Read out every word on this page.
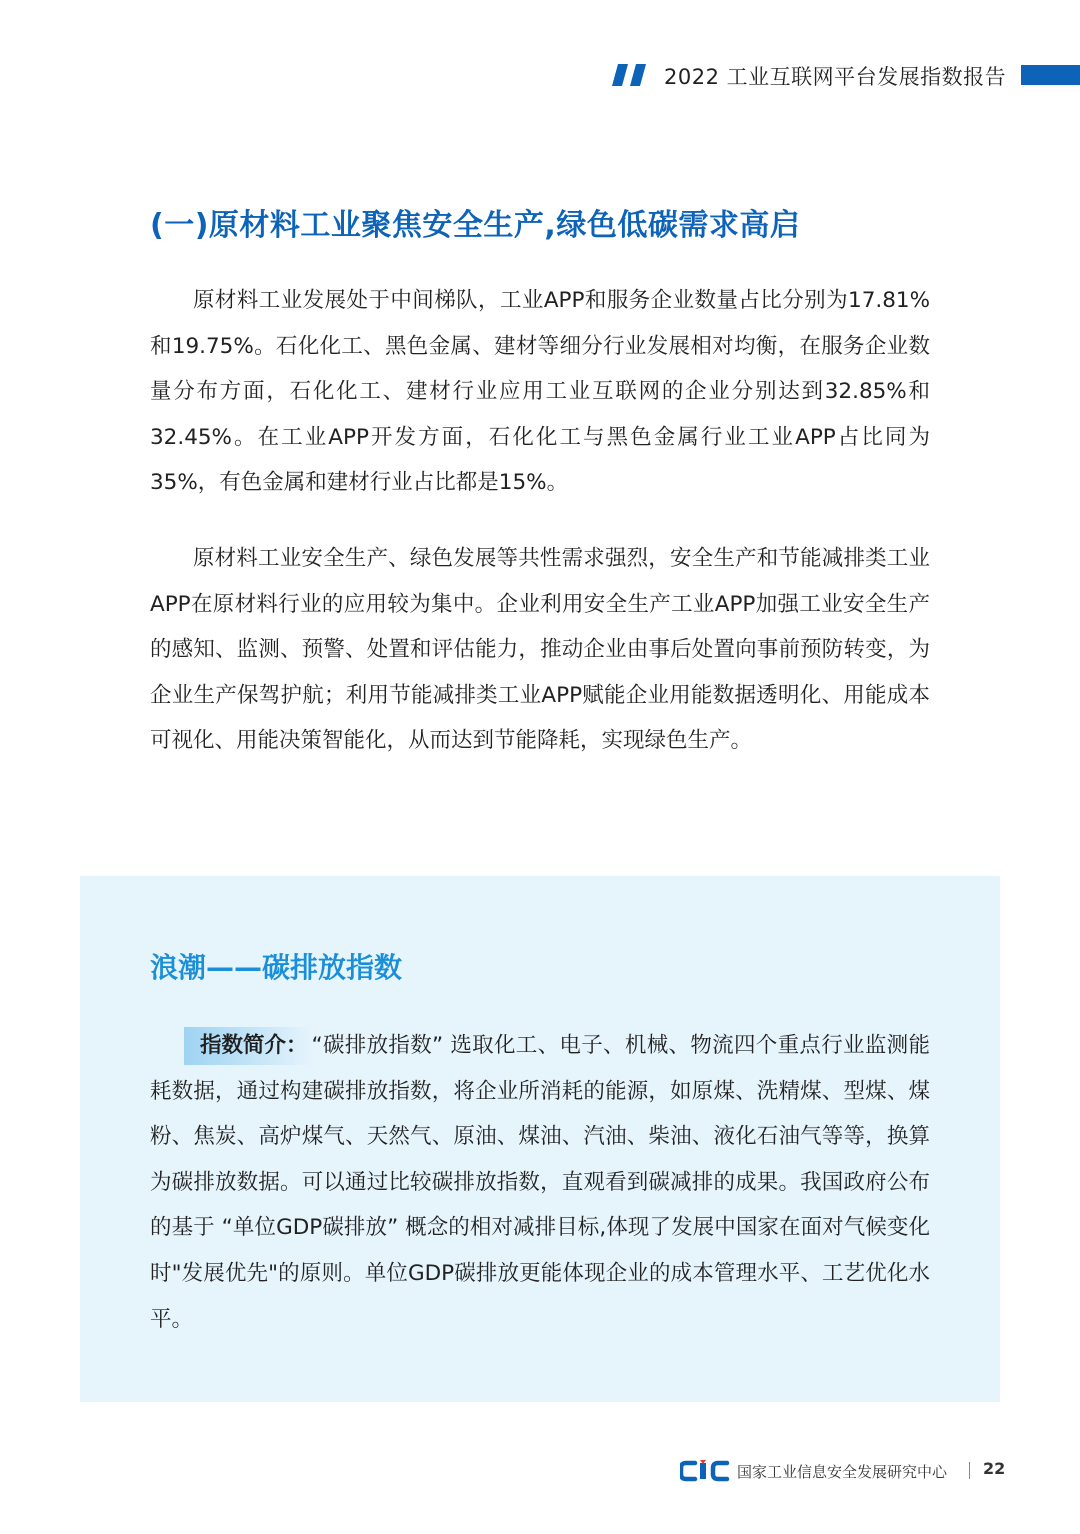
2022 工业互联网平台发展指数报告
(一)原材料工业聚焦安全生产,绿色低碳需求高启

原材料工业发展处于中间梯队，工业APP和服务企业数量占比分别为17.81%和19.75%。石化化工、黑色金属、建材等细分行业发展相对均衡，在服务企业数量分布方面，石化化工、建材行业应用工业互联网的企业分别达到32.85%和32.45%。在工业APP开发方面，石化化工与黑色金属行业工业APP占比同为35%，有色金属和建材行业占比都是15%。

原材料工业安全生产、绿色发展等共性需求强烈，安全生产和节能减排类工业APP在原材料行业的应用较为集中。企业利用安全生产工业APP加强工业安全生产的感知、监测、预警、处置和评估能力，推动企业由事后处置向事前预防转变，为企业生产保驾护航；利用节能减排类工业APP赋能企业用能数据透明化、用能成本可视化、用能决策智能化，从而达到节能降耗，实现绿色生产。

浪潮——碳排放指数

指数简介： “碳排放指数” 选取化工、电子、机械、物流四个重点行业监测能耗数据，通过构建碳排放指数，将企业所消耗的能源，如原煤、洗精煤、型煤、煤粉、焦炭、高炉煤气、天然气、原油、煤油、汽油、柴油、液化石油气等等，换算为碳排放数据。可以通过比较碳排放指数，直观看到碳减排的成果。我国政府公布的基于 “单位GDP碳排放” 概念的相对减排目标,体现了发展中国家在面对气候变化时"发展优先"的原则。单位GDP碳排放更能体现企业的成本管理水平、工艺优化水平。

国家工业信息安全发展研究中心 22
